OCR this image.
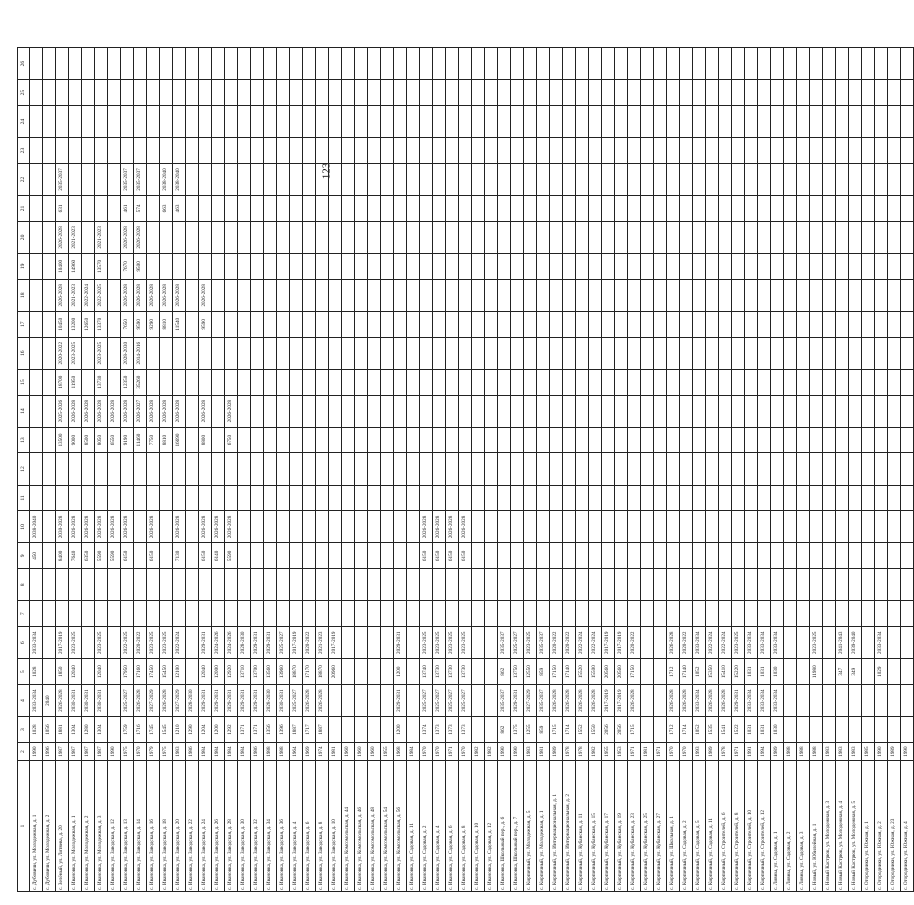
123
1	2	3	4	5	6	7	8	9	10	11	12	13	14	15	16	17	18	19	20	21	22	23	24	25	26
с. Дубовичи, ул. Молодежная, д. 1	1990	1028	2033-2034	1028	2033-2034			450	2038-2040																
с. Дубовичи, ул. Молодежная, д. 2	1996	1056	2040																						
с. Зелёный, ул. Литяева, д. 20	1987	1881	2026-2028	1850	2017-2019			8400	2030-2028			13500	2025-2026	18700	2020-2022	10450	2026-2028	10400	2026-2028	631	2035-2037				
с. Ивановка, ул. Молодежная, д. 1	1987	1304	2030-2031	12040	2023-2025			7640	2026-2028			9000	2026-2028	11950	2023-2025	13200	2021-2023	14960	2021-2023						
с. Ивановка, ул. Молодежная, д. 2	1987	1280	2030-2031					6350	2026-2028			8500	2026-2028			12650	2022-2024								
с. Ивановка, ул. Молодежная, д. 3	1987	1304	2030-2031	12040	2023-2025			5590	2026-2028			8050	2026-2028	13730	2023-2025	13370	2022-2025	13570	2021-2023						
с. Ивановка, ул. Заводская, д. 12	1990							5590	2026-2028			6550	2026-2028												
с. Ивановка, ул. Заводская, д. 13	1975	1759	2025-2027	17950	2022-2025			6150	2026-2028			9190	2026-2028	12350	2028-2030	7650	2026-2028	7670	2026-2028	461	2035-2037				
с. Ивановка, ул. Заводская, д. 14	1970	1716	2026-2028	17160	2020-2022							11460	2026-2027	35260	2014-2016	9590	2026-2028	9500	2026-2028	574	2035-2037				
с. Ивановка, ул. Заводская, д. 16	1979	1745	2027-2029	17450	2023-2025			6150	2026-2028			7750	2026-2028			9290	2026-2028								
с. Ивановка, ул. Заводская, д. 18	1975	1545	2026-2028	15450	2023-2025							8810	2026-2028			8810	2026-2028			663	2038-2040				
с. Ивановка, ул. Заводская, д. 20	1983	1210	2027-2029	12100	2022-2024			7130	2026-2028			16690	2026-2028			11540	2026-2028			463	2038-2040				
с. Ивановка, ул. Заводская, д. 22	1986	1290	2028-2030																						
с. Ивановка, ул. Заводская, д. 24	1984	1204	2029-2031	12040	2029-2031			6150	2026-2028			8800	2026-2028			9590	2026-2028								
с. Ивановка, ул. Заводская, д. 26	1984	1200	2029-2031	12000	2024-2026			6140	2026-2028																
с. Ивановка, ул. Заводская, д. 28	1984	1292	2029-2031	12920	2024-2026			5590	2026-2028			6750	2026-2028												
с. Ивановка, ул. Заводская, д. 30	1984	1371	2029-2031	13710	2028-2030																				
с. Ивановка, ул. Заводская, д. 32	1986	1371	2029-2031	13700	2029-2031																				
с. Ивановка, ул. Заводская, д. 34	1988	1356	2028-2030	13560	2029-2031																				
с. Ивановка, ул. Заводская, д. 36	1988	1396	2030-2031	13960	2025-2027																				
с. Ивановка, ул. Заводская, д. 4	1964	1887	2025-2027	18870	2017-2019																				
с. Ивановка, ул. Заводская, д. 6	1969	1717	2026-2028	17170	2020-2022																				
с. Ивановка, ул. Заводская, д. 8	1974	1887	2026-2028	18870	2021-2023																				
с. Ивановка, ул. Заводская, д. 10	1981			20960	2017-2019																				
с. Ивановка, ул. Комсомольская, д. 44	1960																								
с. Ивановка, ул. Комсомольская, д. 46	1960																								
с. Ивановка, ул. Комсомольская, д. 48	1960																								
с. Ивановка, ул. Комсомольская, д. 54	1955																								
с. Ивановка, ул. Комсомольская, д. 56	1968	1200	2029-2031	1200	2029-2031																				
с. Ивановка, ул. Садовая, д. 11	1984																								
с. Ивановка, ул. Садовая, д. 2	1970	1374	2025-2027	13740	2023-2025			6150	2026-2028																
с. Ивановка, ул. Садовая, д. 4	1970	1373	2025-2027	13730	2023-2025			6150	2026-2028																
с. Ивановка, ул. Садовая, д. 6	1971	1373	2025-2027	13730	2023-2025			6150	2026-2028																
с. Ивановка, ул. Садовая, д. 8	1970	1373	2025-2027	13730	2023-2025			6150	2026-2028																
с. Ивановка, ул. Садовая, д. 10	1982																								
с. Ивановка, ул. Садовая, д. 12	1982																								
с. Ивановка, Школьный пер., д. 6	1990	862	2035-2037	862	2035-2037																				
с. Ивановка, Школьный пер., д. 7	1990	1375	2029-2031	13750	2025-2027																				
с. Кирпичный, ул. Молодежная, д. 5	1983	1255	2027-2029	12550	2023-2025																				
с. Кирпичный, ул. Молодежная, д. 1	1981	859	2035-2037	859	2035-2037																				
с. Кирпичный, ул. Интернациональная, д. 1	1989	1715	2026-2028	17150	2020-2022																				
с. Кирпичный, ул. Интернациональная, д. 2	1978	1714	2026-2028	17140	2020-2022																				
с. Кирпичный, ул. Кубанская, д. 11	1978	1552	2026-2028	15520	2022-2024																				
с. Кирпичный, ул. Кубанская, д. 15	1982	1550	2026-2028	15500	2022-2024																				
с. Кирпичный, ул. Кубанская, д. 17	1955	2056	2017-2019	20560	2017-2019																				
с. Кирпичный, ул. Кубанская, д. 19	1953	2056	2017-2019	20560	2017-2019																				
с. Кирпичный, ул. Кубанская, д. 23	1971	1715	2026-2028	17150	2020-2022																				
с. Кирпичный, ул. Кубанская, д. 25	1981																								
с. Кирпичный, ул. Кубанская, д. 27	1971																								
с. Кирпичный, ул. Школьная, д. 1	1970	1712	2026-2028	1712	2026-2028																				
с. Кирпичный, ул. Садовая, д. 2	1970	1714	2026-2028	17140	2020-2022																				
с. Кирпичный, ул. Садовая, д. 5	1993	1052	2033-2034	1052	2033-2034																				
с. Кирпичный, ул. Садовая, д. 11	1989	1535	2026-2028	15350	2022-2024																				
с. Кирпичный, ул. Строителей, д. 6	1978	1541	2026-2028	15410	2022-2024																				
с. Кирпичный, ул. Строителей, д. 8	1971	1522	2029-2031	15220	2023-2025																				
с. Кирпичный, ул. Строителей, д. 10	1991	1031	2033-2034	1031	2033-2034																				
с. Кирпичный, ул. Строителей, д. 12	1994	1031	2033-2034	1031	2033-2034																				
с. Ливны, ул. Садовая, д. 1	1989	1030	2033-2034	1030	2033-2034																				
с. Ливны, ул. Садовая, д. 2	1988																								
с. Ливны, ул. Садовая, д. 3	1988																								
с. Новый, ул. Юбилейная, д. 1	1988			11980	2023-2025																				
с. Новый Кастрюк, ул. Молодежная, д. 3	1983																								
с. Новый Кастрюк, ул. Молодежная, д. 4	1983			347	2041-2043																				
с. Новый Кастрюк, ул. Молодежная, д. 5	1983			349	2039-2040																				
с. Огородники, ул. Южная, д. 1	1985																								
с. Огородники, ул. Южная, д. 2	1990			1029	2033-2034																				
с. Огородники, ул. Южная, д. 23	1989																								
с. Огородники, ул. Южная, д. 4	1990																								
